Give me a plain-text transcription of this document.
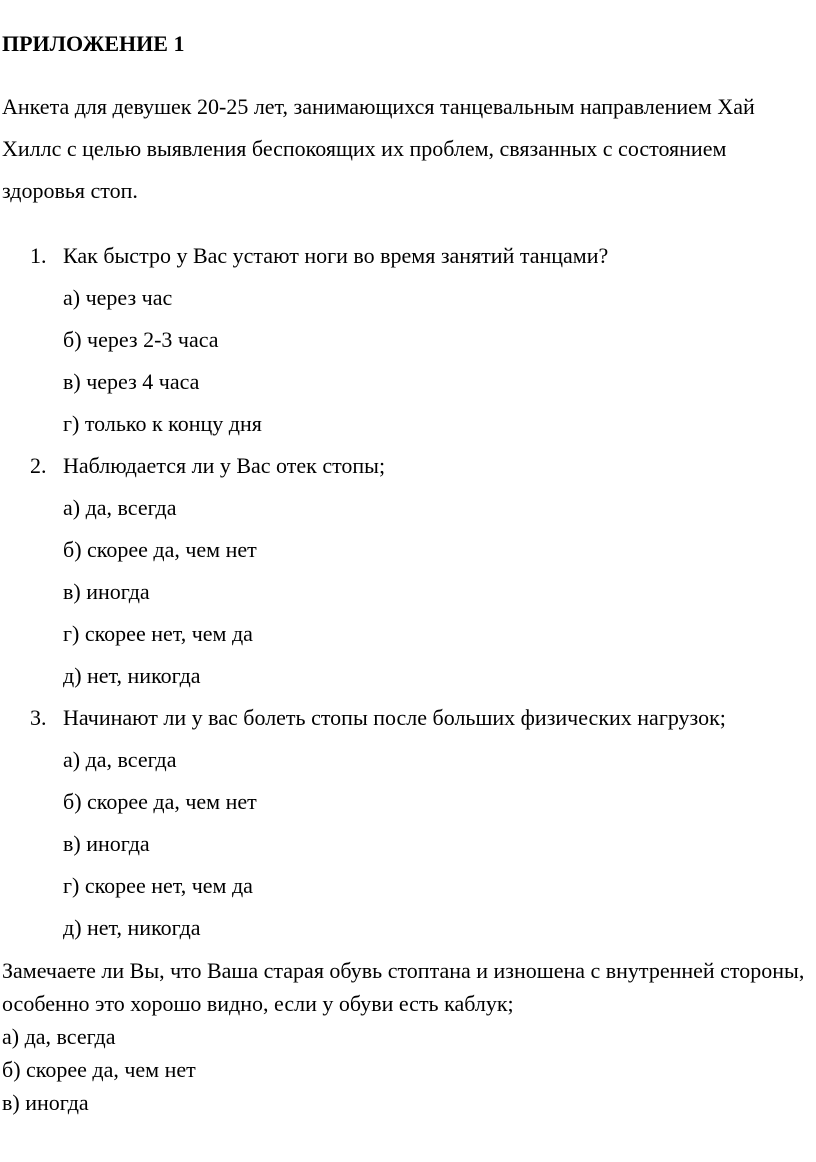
ПРИЛОЖЕНИЕ 1

Анкета для девушек 20-25 лет, занимающихся танцевальным направлением Хай Хиллс с целью выявления беспокоящих их проблем, связанных с состоянием здоровья стоп.

1. Как быстро у Вас устают ноги во время занятий танцами?
а) через час
б) через 2-3 часа
в) через 4 часа
г) только к концу дня
2. Наблюдается ли у Вас отек стопы;
а) да, всегда
б) скорее да, чем нет
в) иногда
г) скорее нет, чем да
д) нет, никогда
3. Начинают ли у вас болеть стопы после больших физических нагрузок;
а) да, всегда
б) скорее да, чем нет
в) иногда
г) скорее нет, чем да
д) нет, никогда

Замечаете ли Вы, что Ваша старая обувь стоптана и изношена с внутренней стороны, особенно это хорошо видно, если у обуви есть каблук;

а) да, всегда
б) скорее да, чем нет
в) иногда
